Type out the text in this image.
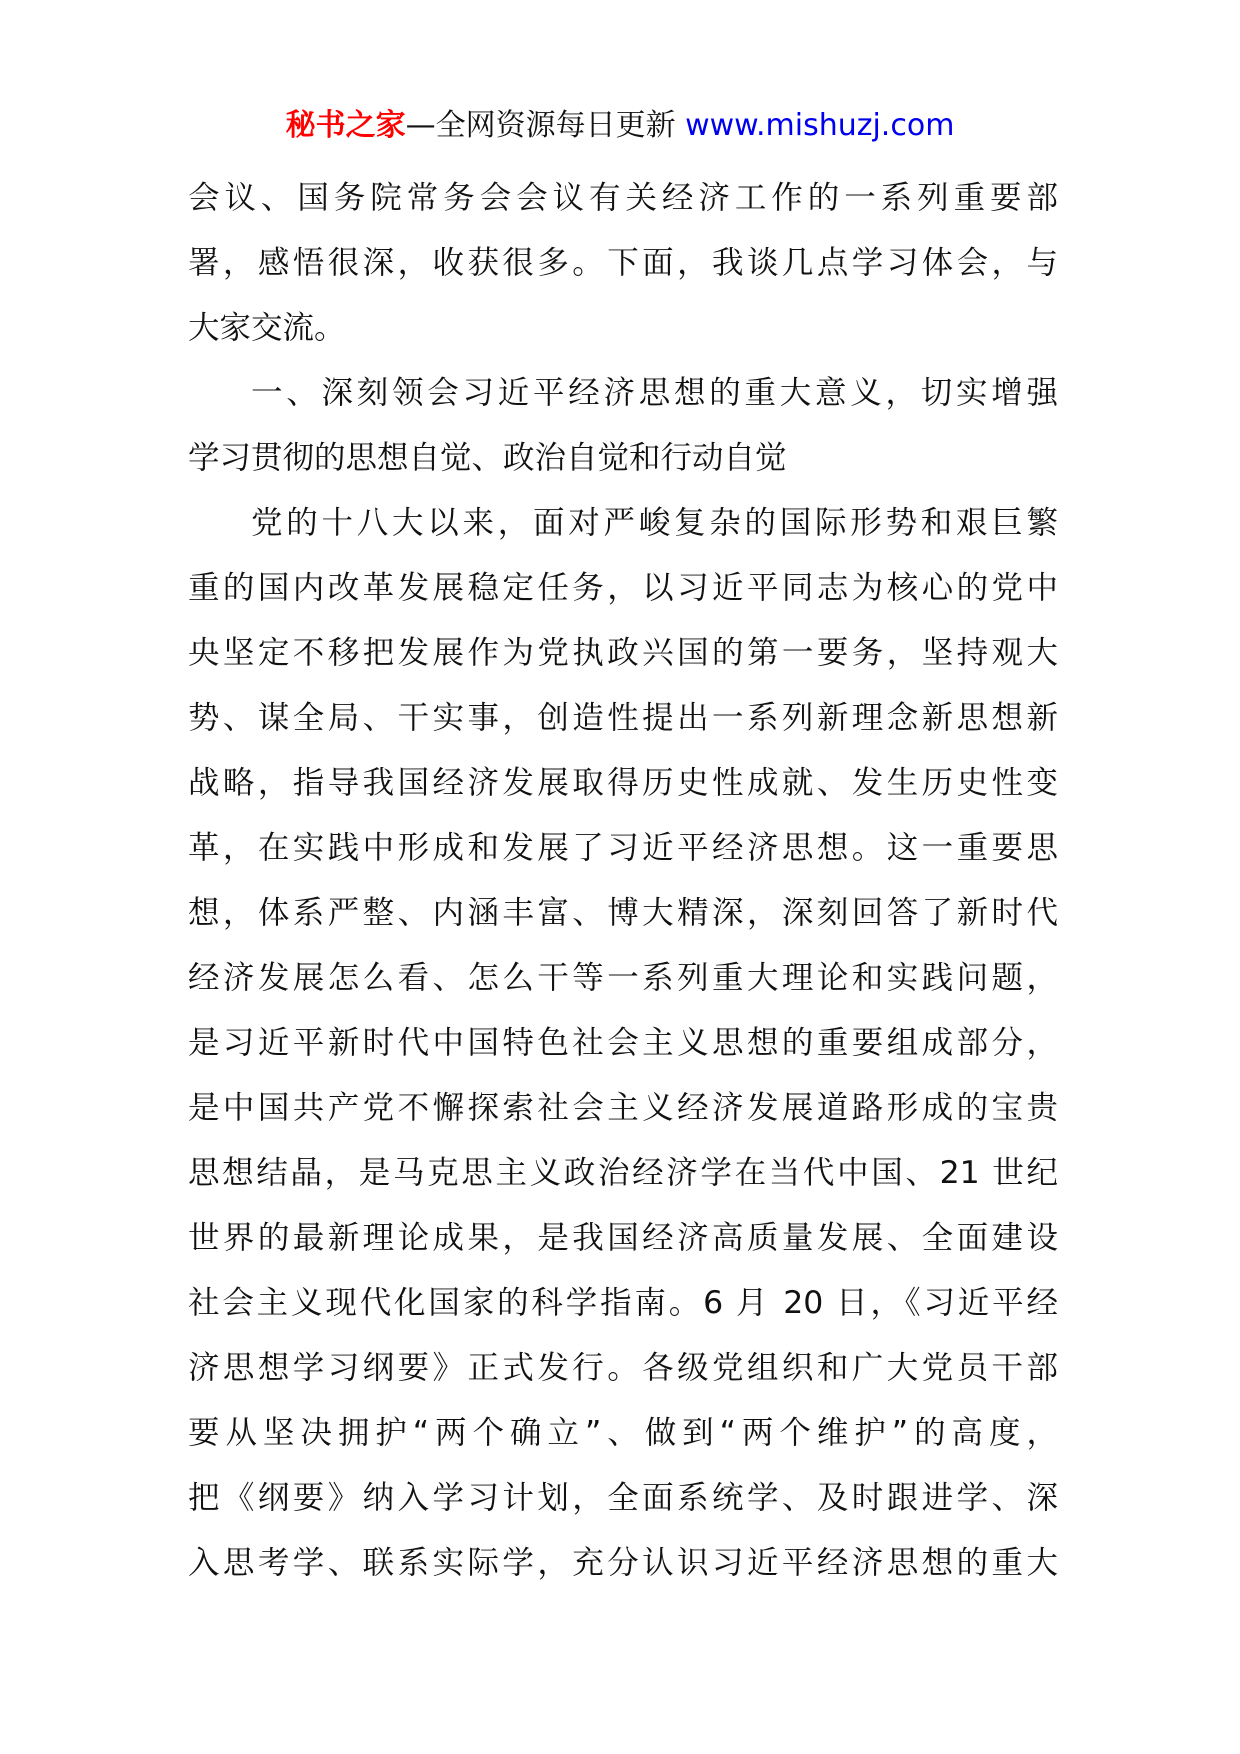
秘书之家—全网资源每日更新 www.mishuzj.com
会议、国务院常务会会议有关经济工作的一系列重要部
署，感悟很深，收获很多。下面，我谈几点学习体会，与
大家交流。
一、深刻领会习近平经济思想的重大意义，切实增强
学习贯彻的思想自觉、政治自觉和行动自觉
党的十八大以来，面对严峻复杂的国际形势和艰巨繁
重的国内改革发展稳定任务，以习近平同志为核心的党中
央坚定不移把发展作为党执政兴国的第一要务，坚持观大
势、谋全局、干实事，创造性提出一系列新理念新思想新
战略，指导我国经济发展取得历史性成就、发生历史性变
革，在实践中形成和发展了习近平经济思想。这一重要思
想，体系严整、内涵丰富、博大精深，深刻回答了新时代
经济发展怎么看、怎么干等一系列重大理论和实践问题，
是习近平新时代中国特色社会主义思想的重要组成部分，
是中国共产党不懈探索社会主义经济发展道路形成的宝贵
思想结晶，是马克思主义政治经济学在当代中国、21 世纪
世界的最新理论成果，是我国经济高质量发展、全面建设
社会主义现代化国家的科学指南。6 月 20 日，《习近平经
济思想学习纲要》正式发行。各级党组织和广大党员干部
要从坚决拥护“两个确立”、做到“两个维护”的高度，
把《纲要》纳入学习计划，全面系统学、及时跟进学、深
入思考学、联系实际学，充分认识习近平经济思想的重大
